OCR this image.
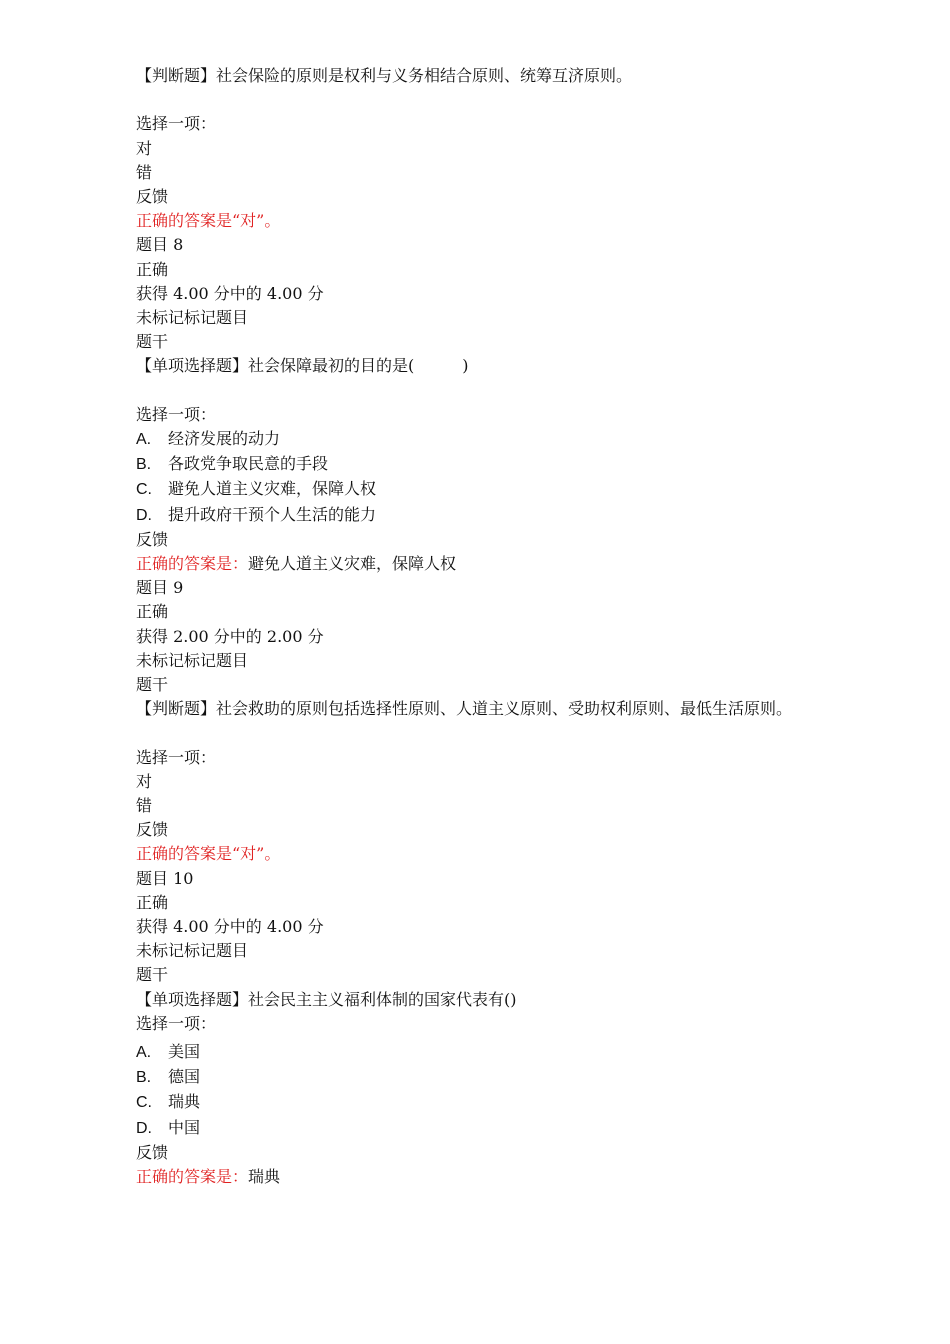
【判断题】社会保险的原则是权利与义务相结合原则、统筹互济原则。
选择一项：
对
错
反馈
正确的答案是“对”。
题目 8
正确
获得 4.00 分中的 4.00 分
未标记标记题目
题干
【单项选择题】社会保障最初的目的是(　　　)
选择一项：
A. 经济发展的动力
B. 各政党争取民意的手段
C. 避免人道主义灾难，保障人权
D. 提升政府干预个人生活的能力
反馈
正确的答案是：避免人道主义灾难，保障人权
题目 9
正确
获得 2.00 分中的 2.00 分
未标记标记题目
题干
【判断题】社会救助的原则包括选择性原则、人道主义原则、受助权利原则、最低生活原则。
选择一项：
对
错
反馈
正确的答案是“对”。
题目 10
正确
获得 4.00 分中的 4.00 分
未标记标记题目
题干
【单项选择题】社会民主主义福利体制的国家代表有()
选择一项：
A. 美国
B. 德国
C. 瑞典
D. 中国
反馈
正确的答案是：瑞典
